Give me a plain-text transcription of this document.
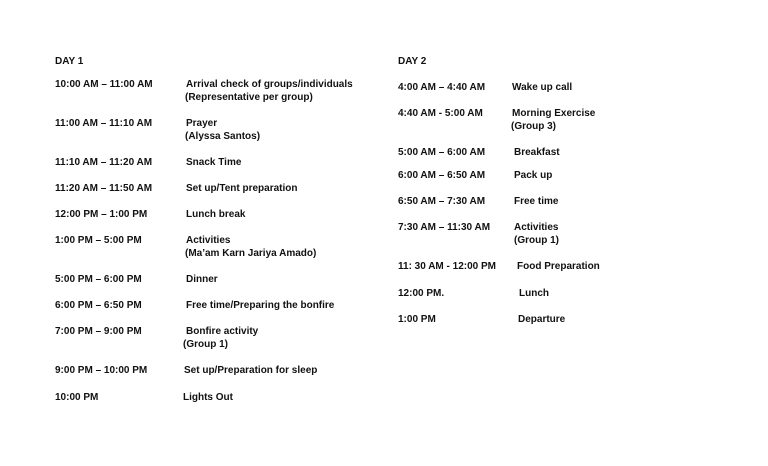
DAY 1
10:00 AM – 11:00 AM	Arrival check of groups/individuals
(Representative per group)
11:00 AM – 11:10 AM	Prayer
(Alyssa Santos)
11:10 AM – 11:20 AM	Snack Time
11:20 AM – 11:50 AM	Set up/Tent preparation
12:00 PM – 1:00 PM	Lunch break
1:00 PM – 5:00 PM	Activities
(Ma’am Karn Jariya Amado)
5:00 PM – 6:00 PM	Dinner
6:00 PM – 6:50 PM	Free time/Preparing the bonfire
7:00 PM – 9:00 PM	Bonfire activity
(Group 1)
9:00 PM – 10:00 PM	Set up/Preparation for sleep
10:00 PM	Lights Out
DAY 2
4:00 AM – 4:40 AM	Wake up call
4:40 AM - 5:00 AM	Morning Exercise
(Group 3)
5:00 AM – 6:00 AM	Breakfast
6:00 AM – 6:50 AM	Pack up
6:50 AM – 7:30 AM	Free time
7:30 AM – 11:30 AM Activities
(Group 1)
11: 30 AM - 12:00 PM Food Preparation
12:00 PM.	Lunch
1:00 PM	Departure
